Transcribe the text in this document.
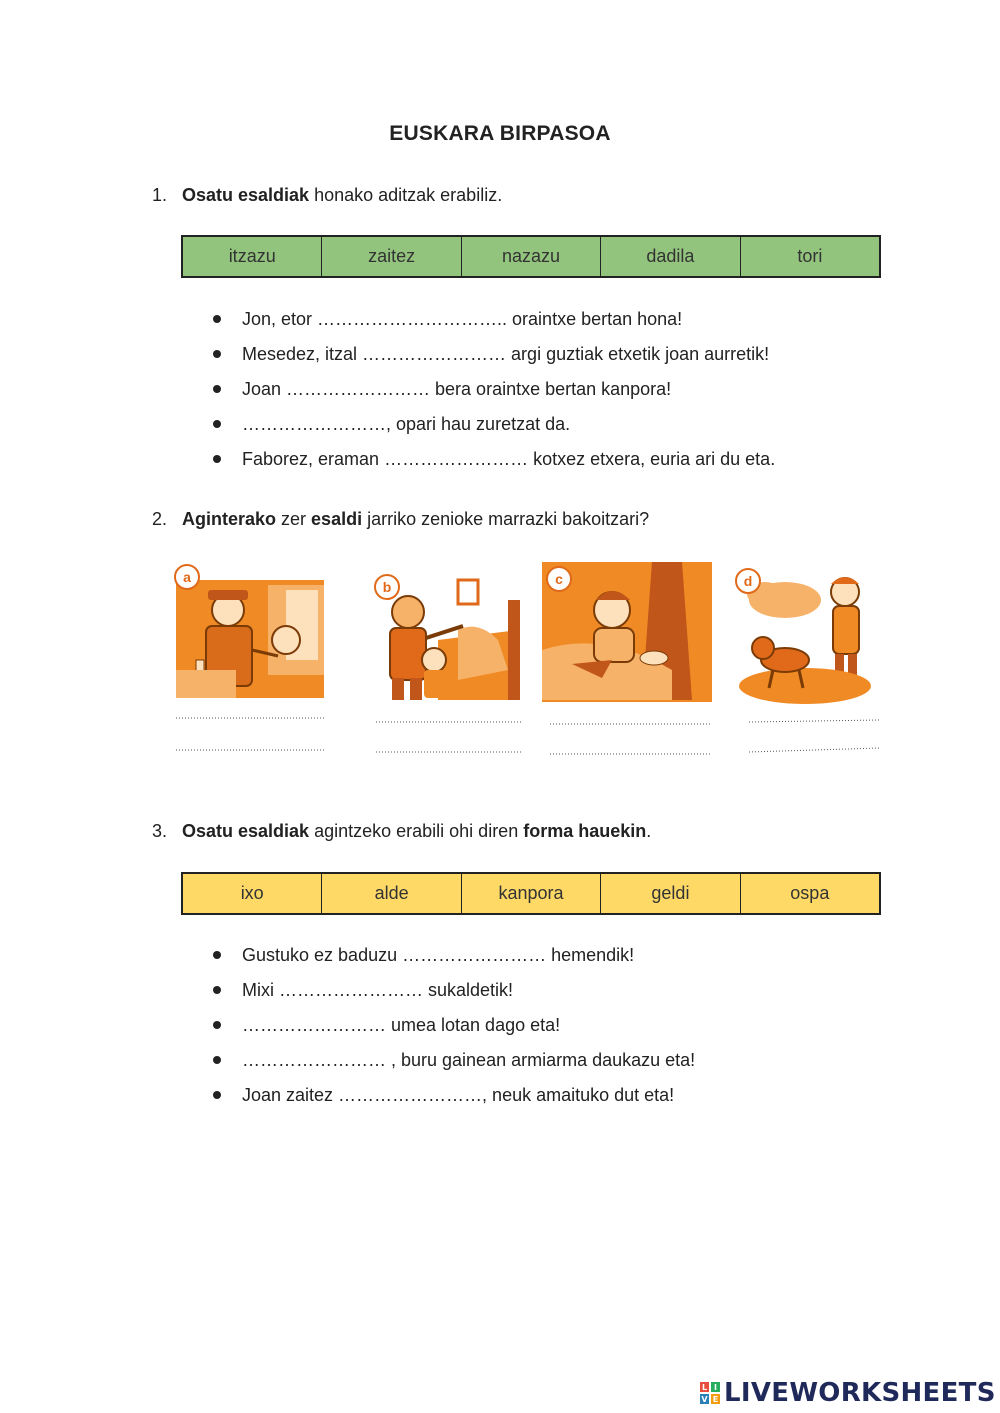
EUSKARA BIRPASOA
1. Osatu esaldiak honako aditzak erabiliz.
itzazu	zaitez	nazazu	dadila	tori
Jon, etor ………………………….. oraintxe bertan hona!
Mesedez, itzal …………………… argi guztiak etxetik joan aurretik!
Joan …………………… bera oraintxe bertan kanpora!
……………………, opari hau zuretzat da.
Faborez, eraman …………………… kotxez etxera, euria ari du eta.
2. Aginterako zer esaldi jarriko zenioke marrazki bakoitzari?
a
b	c	d
3. Osatu esaldiak agintzeko erabili ohi diren forma hauekin.
ixo	alde	kanpora	geldi	ospa
Gustuko ez baduzu …………………… hemendik!
Mixi …………………… sukaldetik!
…………………… umea lotan dago eta!
…………………… , buru gainean armiarma daukazu eta!
Joan zaitez ……………………, neuk amaituko dut eta!
L I
V E LIVEWORKSHEETS
